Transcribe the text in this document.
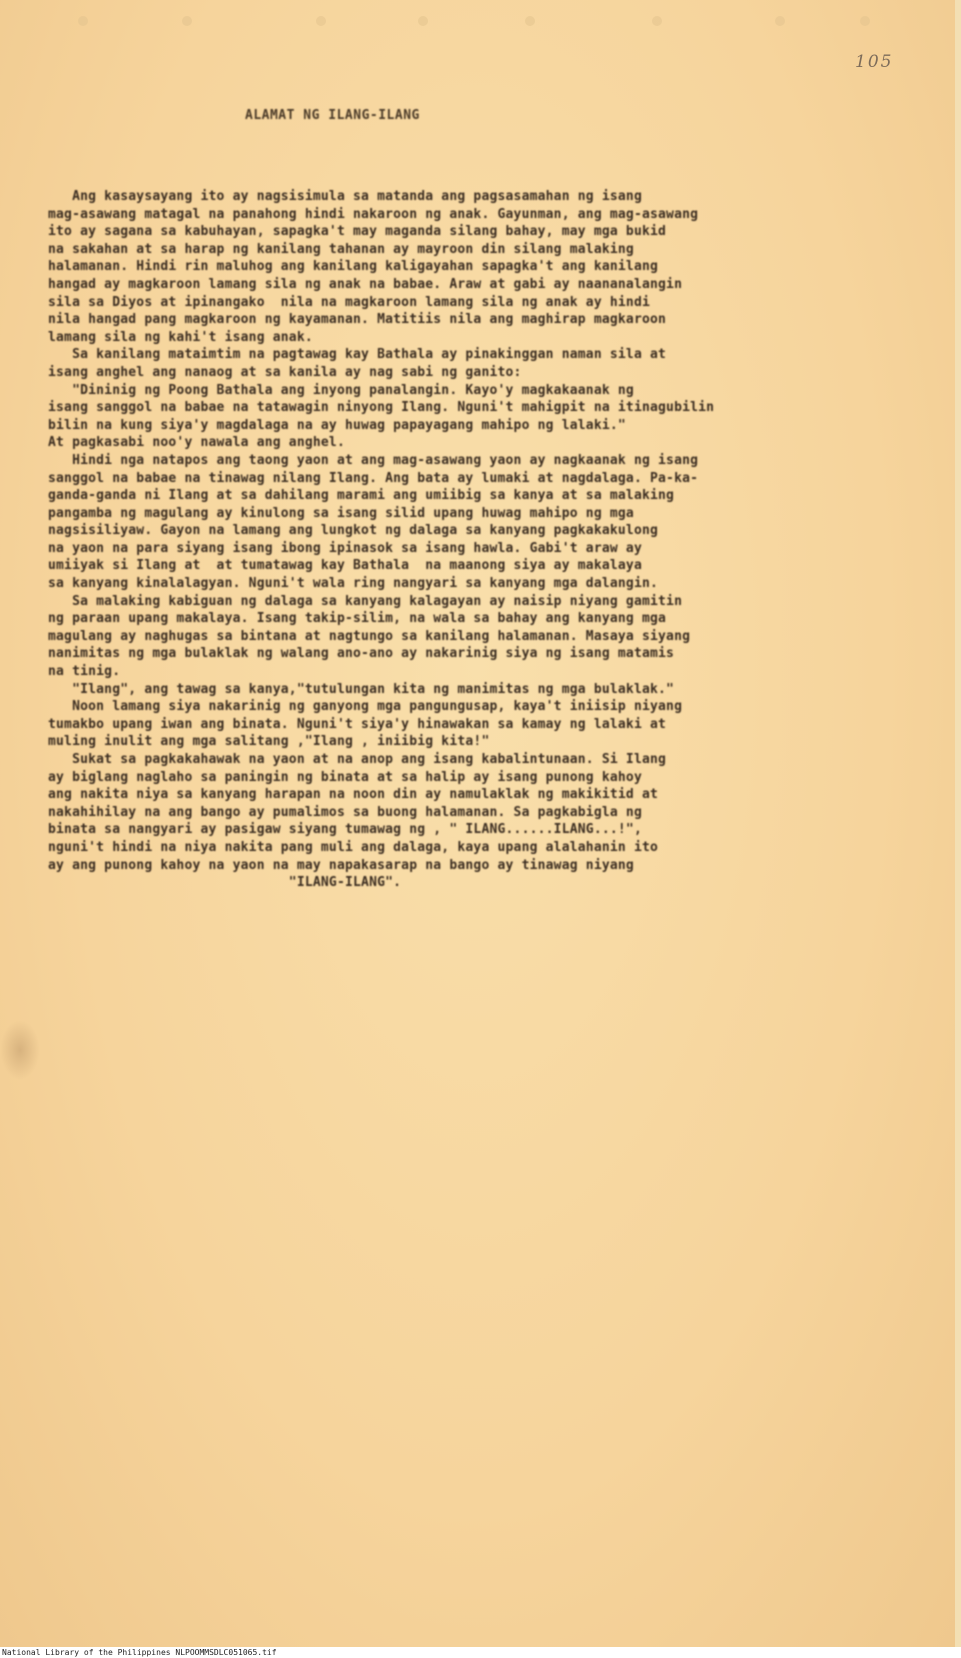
105
ALAMAT NG ILANG-ILANG
Ang kasaysayang ito ay nagsisimula sa matanda ang pagsasamahan ng isang
mag-asawang matagal na panahong hindi nakaroon ng anak. Gayunman, ang mag-asawang
ito ay sagana sa kabuhayan, sapagka't may maganda silang bahay, may mga bukid
na sakahan at sa harap ng kanilang tahanan ay mayroon din silang malaking
halamanan. Hindi rin maluhog ang kanilang kaligayahan sapagka't ang kanilang
hangad ay magkaroon lamang sila ng anak na babae. Araw at gabi ay naananalangin
sila sa Diyos at ipinangako  nila na magkaroon lamang sila ng anak ay hindi
nila hangad pang magkaroon ng kayamanan. Matitiis nila ang maghirap magkaroon
lamang sila ng kahi't isang anak.
Sa kanilang mataimtim na pagtawag kay Bathala ay pinakinggan naman sila at
isang anghel ang nanaog at sa kanila ay nag sabi ng ganito:
"Dininig ng Poong Bathala ang inyong panalangin. Kayo'y magkakaanak ng
isang sanggol na babae na tatawagin ninyong Ilang. Nguni't mahigpit na itinagubilin
bilin na kung siya'y magdalaga na ay huwag papayagang mahipo ng lalaki."
At pagkasabi noo'y nawala ang anghel.
Hindi nga natapos ang taong yaon at ang mag-asawang yaon ay nagkaanak ng isang
sanggol na babae na tinawag nilang Ilang. Ang bata ay lumaki at nagdalaga. Pa-ka-
ganda-ganda ni Ilang at sa dahilang marami ang umiibig sa kanya at sa malaking
pangamba ng magulang ay kinulong sa isang silid upang huwag mahipo ng mga
nagsisiliyaw. Gayon na lamang ang lungkot ng dalaga sa kanyang pagkakakulong
na yaon na para siyang isang ibong ipinasok sa isang hawla. Gabi't araw ay
umiiyak si Ilang at  at tumatawag kay Bathala  na maanong siya ay makalaya
sa kanyang kinalalagyan. Nguni't wala ring nangyari sa kanyang mga dalangin.
Sa malaking kabiguan ng dalaga sa kanyang kalagayan ay naisip niyang gamitin
ng paraan upang makalaya. Isang takip-silim, na wala sa bahay ang kanyang mga
magulang ay naghugas sa bintana at nagtungo sa kanilang halamanan. Masaya siyang
nanimitas ng mga bulaklak ng walang ano-ano ay nakarinig siya ng isang matamis
na tinig.
"Ilang", ang tawag sa kanya,"tutulungan kita ng manimitas ng mga bulaklak."
Noon lamang siya nakarinig ng ganyong mga pangungusap, kaya't iniisip niyang
tumakbo upang iwan ang binata. Nguni't siya'y hinawakan sa kamay ng lalaki at
muling inulit ang mga salitang ,"Ilang , iniibig kita!"
Sukat sa pagkakahawak na yaon at na anop ang isang kabalintunaan. Si Ilang
ay biglang naglaho sa paningin ng binata at sa halip ay isang punong kahoy
ang nakita niya sa kanyang harapan na noon din ay namulaklak ng makikitid at
nakahihilay na ang bango ay pumalimos sa buong halamanan. Sa pagkabigla ng
binata sa nangyari ay pasigaw siyang tumawag ng , " ILANG......ILANG...!",
nguni't hindi na niya nakita pang muli ang dalaga, kaya upang alalahanin ito
ay ang punong kahoy na yaon na may napakasarap na bango ay tinawag niyang
"ILANG-ILANG".
National Library of the Philippines NLPOOMMSDLC051065.tif
